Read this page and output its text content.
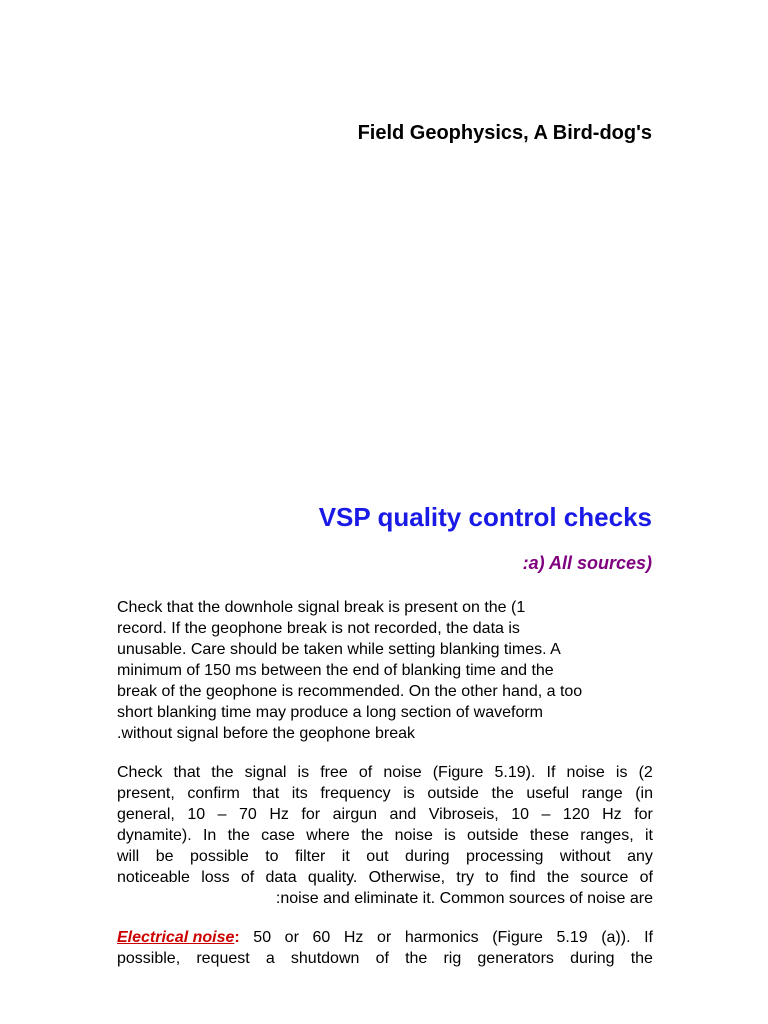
Field Geophysics, A Bird-dog's
VSP quality control checks
:a) All sources)
Check that the downhole signal break is present on the (1
record. If the geophone break is not recorded, the data is
unusable. Care should be taken while setting blanking times. A
minimum of 150 ms between the end of blanking time and the
break of the geophone is recommended. On the other hand, a too
short blanking time may produce a long section of waveform
.without signal before the geophone break
Check that the signal is free of noise (Figure 5.19). If noise is (2
present, confirm that its frequency is outside the useful range (in
general, 10 – 70 Hz for airgun and Vibroseis, 10 – 120 Hz for
dynamite). In the case where the noise is outside these ranges, it
will be possible to filter it out during processing without any
noticeable loss of data quality. Otherwise, try to find the source of
:noise and eliminate it. Common sources of noise are
Electrical noise: 50 or 60 Hz or harmonics (Figure 5.19 (a)). If
possible, request a shutdown of the rig generators during the
